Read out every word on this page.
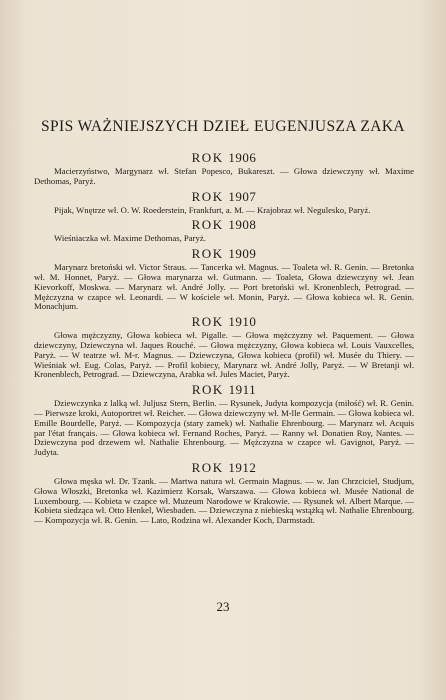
SPIS WAŻNIEJSZYCH DZIEŁ EUGENJUSZA ZAKA
ROK 1906

Macierzyństwo, Margynarz wł. Stefan Popesco, Bukareszt. — Głowa dziewczyny wł. Maxime Dethomas, Paryż.

ROK 1907

Pijak, Wnętrze wł. O. W. Roederstein, Frankfurt, a. M. — Krajobraz wł. Negulesko, Paryż.

ROK 1908

Wieśniaczka wł. Maxime Dethomas, Paryż.

ROK 1909

Marynarz bretoński wł. Victor Straus. — Tancerka wł. Magnus. — Toaleta wł. R. Genin. — Bretonka wł. M. Honnet, Paryż. — Głowa marynarza wł. Gutmann. — Toaleta, Głowa dziewczyny wł. Jean Kievorkoff, Moskwa. — Marynarz wł. André Jolly. — Port bretoński wł. Kronenblech, Petrograd. — Mężczyzna w czapce wł. Leonardi. — W kościele wł. Monin, Paryż. — Głowa kobieca wł. R. Genin. Monachjum.

ROK 1910

Głowa mężczyzny, Głowa kobieca wł. Pigalle. — Głowa mężczyzny wł. Paquement. — Głowa dziewczyny, Dziewczyna wł. Jaques Rouché. — Głowa mężczyzny, Głowa kobieca wł. Louis Vauxcelles, Paryż. — W teatrze wł. M-r. Magnus. — Dziewczyna, Głowa kobieca (profil) wł. Musée du Thiery. — Wieśniak wł. Eug. Colas, Paryż. — Profil kobiecy, Marynarz wł. André Jolly, Paryż. — W Bretanji wł. Kronenblech, Petrograd. — Dziewczyna, Arabka wł. Jules Maciet, Paryż.

ROK 1911

Dziewczynka z lalką wł. Juljusz Stern, Berlin. — Rysunek, Judyta kompozycja (miłość) wł. R. Genin. — Pierwsze kroki, Autoportret wł. Reicher. — Głowa dziewczyny wł. M-lle Germain. — Głowa kobieca wł. Emille Bourdelle, Paryż. — Kompozycja (stary zamek) wł. Nathalie Ehrenbourg. — Marynarz wł. Acquis par l'état français. — Głowa kobieca wł. Fernand Roches, Paryż. — Ranny wł. Donatien Roy, Nantes. — Dziewczyna pod drzewem wł. Nathalie Ehrenbourg. — Mężczyzna w czapce wł. Gavignot, Paryż. — Judyta.

ROK 1912

Głowa męska wł. Dr. Tzank. — Martwa natura wł. Germain Magnus. — w. Jan Chrzciciel, Studjum, Głowa Włoszki, Bretonka wł. Kazimierz Korsak, Warszawa. — Głowa kobieca wł. Musée National de Luxembourg. — Kobieta w czapce wł. Muzeum Narodowe w Krakowie. — Rysunek wł. Albert Marque. — Kobieta siedząca wł. Otto Henkel, Wiesbaden. — Dziewczyna z niebieską wstążką wł. Nathalie Ehrenbourg. — Kompozycja wł. R. Genin. — Lato, Rodzina wł. Alexander Koch, Darmstadt.

23
